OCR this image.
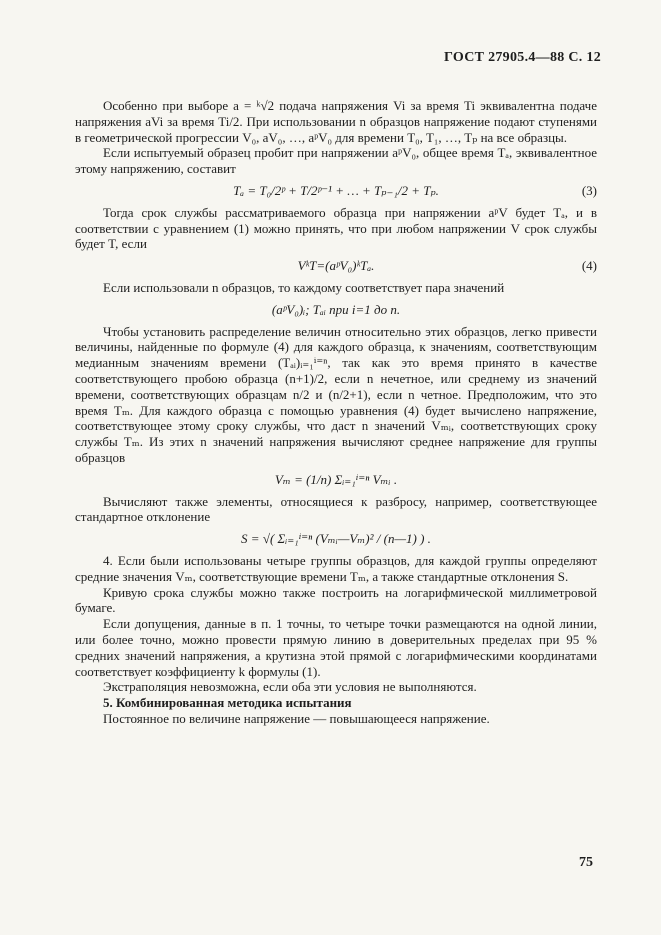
ГОСТ 27905.4—88 С. 12

Особенно при выборе a = ᵏ√2 подача напряжения Vi за время Ti эквивалентна подаче напряжения aVi за время Ti/2. При использовании n образцов напряжение подают ступенями в геометрической прогрессии V₀, aV₀, …, aᵖV₀ для времени T₀, T₁, …, Tₚ на все образцы.

Если испытуемый образец пробит при напряжении aᵖV₀, общее время Tₐ, эквивалентное этому напряжению, составит

Tₐ = T₀/2ᵖ + T/2ᵖ⁻¹ + … + Tₚ₋₁/2 + Tₚ.	(3)

Тогда срок службы рассматриваемого образца при напряжении aᵖV будет Tₐ, и в соответствии с уравнением (1) можно принять, что при любом напряжении V срок службы будет T, если

VᵏT=(aᵖV₀)ᵏTₐ.	(4)

Если использовали n образцов, то каждому соответствует пара значений

(aᵖV₀)ᵢ; Tₐᵢ при i=1 до n.

Чтобы установить распределение величин относительно этих образцов, легко привести величины, найденные по формуле (4) для каждого образца, к значениям, соответствующим медианным значениям времени (Tₐᵢ)ᵢ₌₁ⁱ⁼ⁿ, так как это время принято в качестве соответствующего пробою образца (n+1)/2, если n нечетное, или среднему из значений времени, соответствующих образцам n/2 и (n/2+1), если n четное. Предположим, что это время Tₘ. Для каждого образца с помощью уравнения (4) будет вычислено напряжение, соответствующее этому сроку службы, что даст n значений Vₘᵢ, соответствующих сроку службы Tₘ. Из этих n значений напряжения вычисляют среднее напряжение для группы образцов

Vₘ = (1/n) Σᵢ₌₁ⁱ⁼ⁿ Vₘᵢ .

Вычисляют также элементы, относящиеся к разбросу, например, соответствующее стандартное отклонение

S = √( Σᵢ₌₁ⁱ⁼ⁿ (Vₘᵢ—Vₘ)² / (n—1) ) .

4. Если были использованы четыре группы образцов, для каждой группы определяют средние значения Vₘ, соответствующие времени Tₘ, а также стандартные отклонения S.

Кривую срока службы можно также построить на логарифмической миллиметровой бумаге.

Если допущения, данные в п. 1 точны, то четыре точки размещаются на одной линии, или более точно, можно провести прямую линию в доверительных пределах при 95 % средних значений напряжения, а крутизна этой прямой с логарифмическими координатами соответствует коэффициенту k формулы (1).

Экстраполяция невозможна, если оба эти условия не выполняются.

5. Комбинированная методика испытания

Постоянное по величине напряжение — повышающееся напряжение.

75
